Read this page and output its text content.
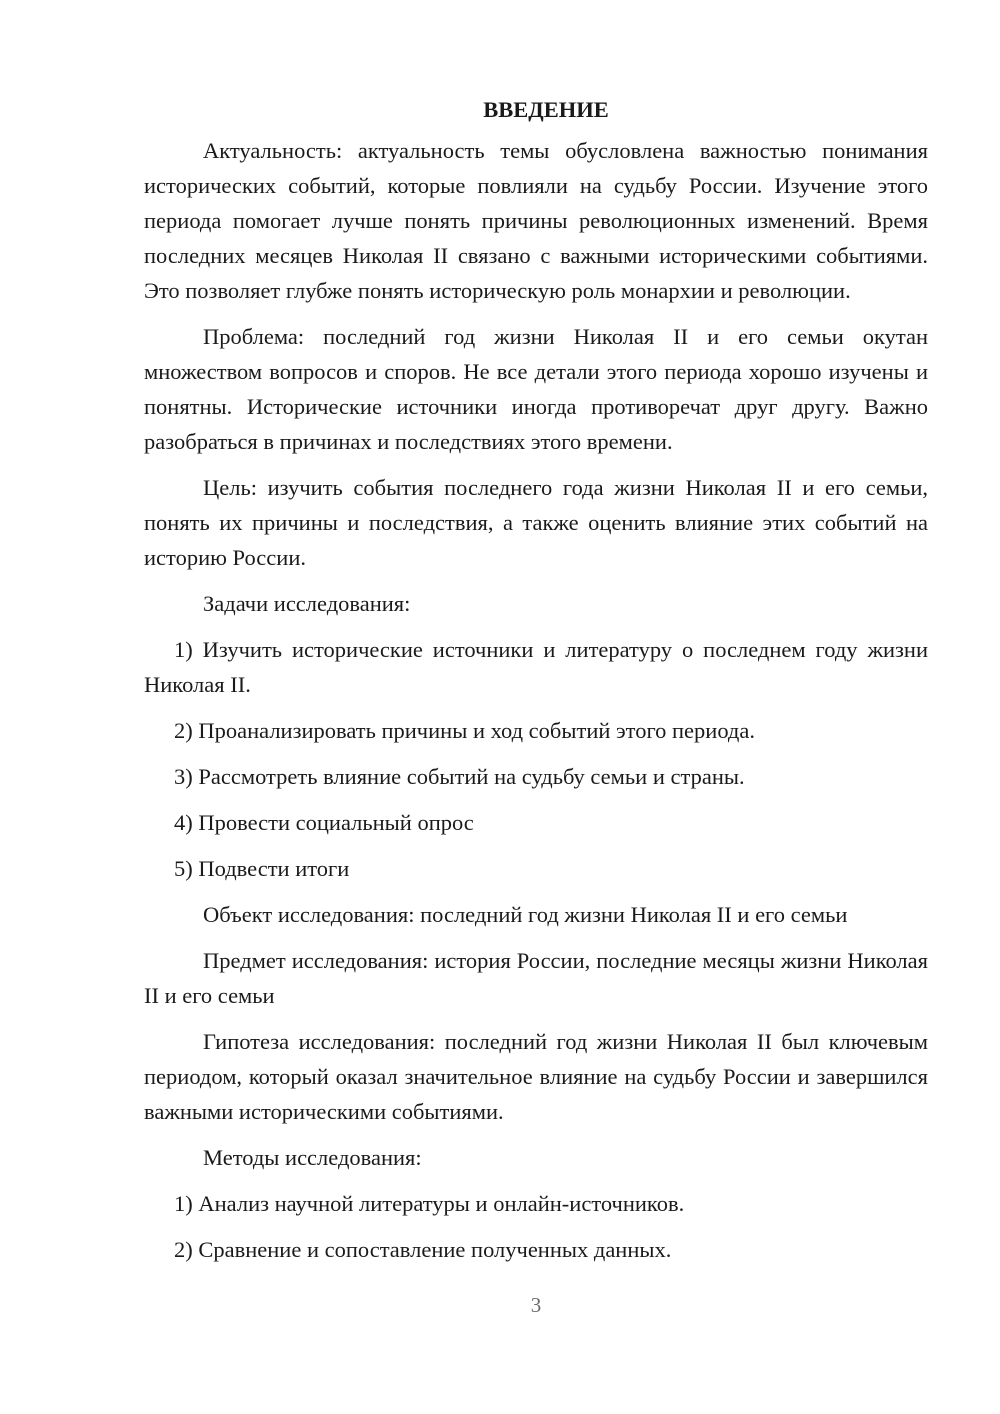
ВВЕДЕНИЕ

Актуальность: актуальность темы обусловлена важностью понимания исторических событий, которые повлияли на судьбу России. Изучение этого периода помогает лучше понять причины революционных изменений. Время последних месяцев Николая II связано с важными историческими событиями. Это позволяет глубже понять историческую роль монархии и революции.

Проблема: последний год жизни Николая II и его семьи окутан множеством вопросов и споров. Не все детали этого периода хорошо изучены и понятны. Исторические источники иногда противоречат друг другу. Важно разобраться в причинах и последствиях этого времени.

Цель: изучить события последнего года жизни Николая II и его семьи, понять их причины и последствия, а также оценить влияние этих событий на историю России.

Задачи исследования:

1) Изучить исторические источники и литературу о последнем году жизни Николая II.

2) Проанализировать причины и ход событий этого периода.

3) Рассмотреть влияние событий на судьбу семьи и страны.

4) Провести социальный опрос

5) Подвести итоги

Объект исследования: последний год жизни Николая II и его семьи

Предмет исследования: история России, последние месяцы жизни Николая II и его семьи

Гипотеза исследования: последний год жизни Николая II был ключевым периодом, который оказал значительное влияние на судьбу России и завершился важными историческими событиями.

Методы исследования:

1) Анализ научной литературы и онлайн-источников.

2) Сравнение и сопоставление полученных данных.

3
